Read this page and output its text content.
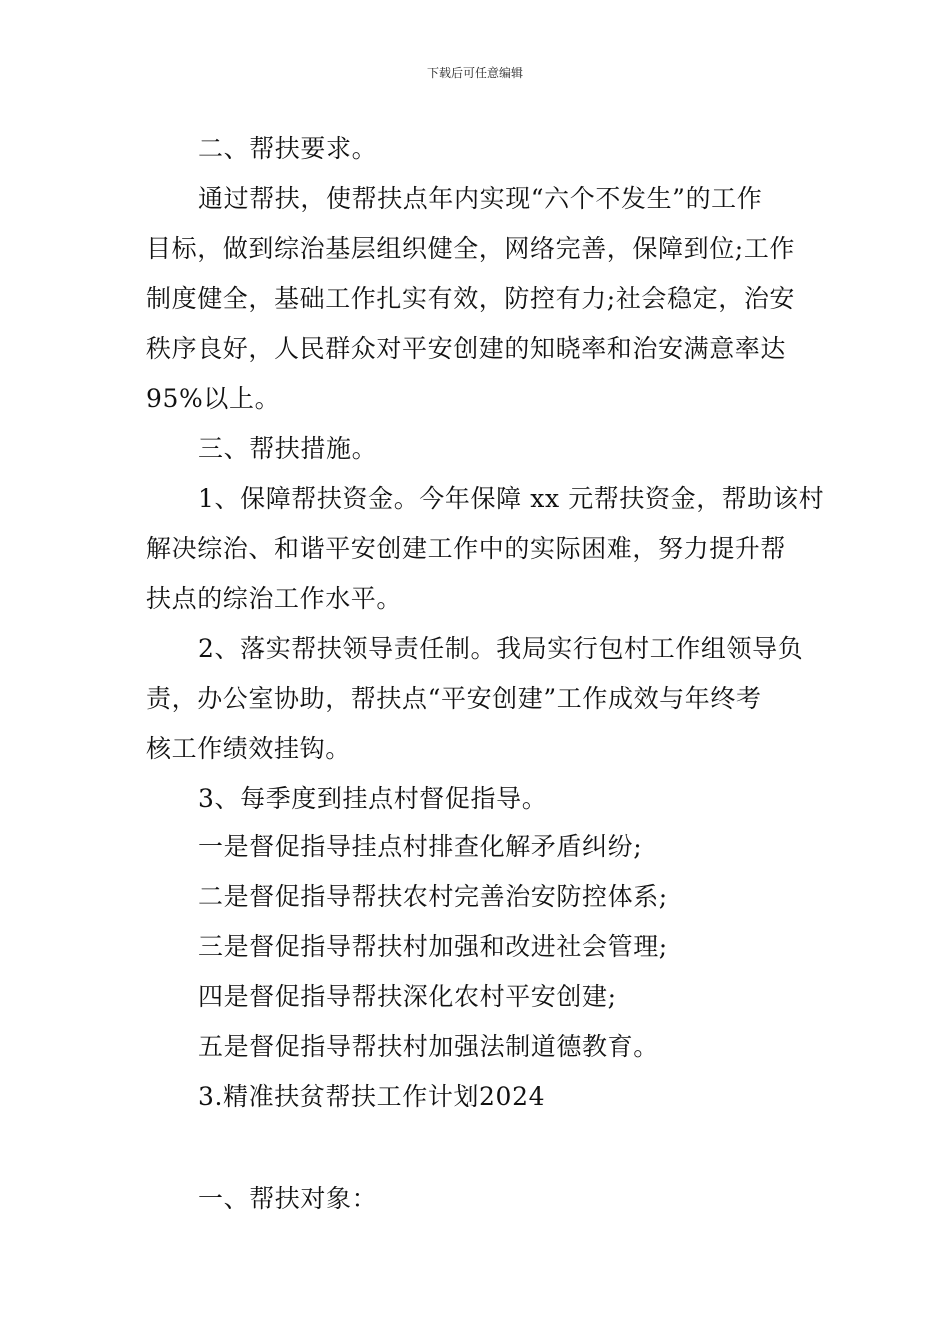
下载后可任意编辑
二、帮扶要求。
通过帮扶，使帮扶点年内实现“六个不发生”的工作
目标，做到综治基层组织健全，网络完善，保障到位;工作
制度健全，基础工作扎实有效，防控有力;社会稳定，治安
秩序良好，人民群众对平安创建的知晓率和治安满意率达
95%以上。
三、帮扶措施。
1、保障帮扶资金。今年保障 xx 元帮扶资金，帮助该村
解决综治、和谐平安创建工作中的实际困难，努力提升帮
扶点的综治工作水平。
2、落实帮扶领导责任制。我局实行包村工作组领导负
责，办公室协助，帮扶点“平安创建”工作成效与年终考
核工作绩效挂钩。
3、每季度到挂点村督促指导。
一是督促指导挂点村排查化解矛盾纠纷;
二是督促指导帮扶农村完善治安防控体系;
三是督促指导帮扶村加强和改进社会管理;
四是督促指导帮扶深化农村平安创建;
五是督促指导帮扶村加强法制道德教育。
3.精准扶贫帮扶工作计划2024
一、帮扶对象：
